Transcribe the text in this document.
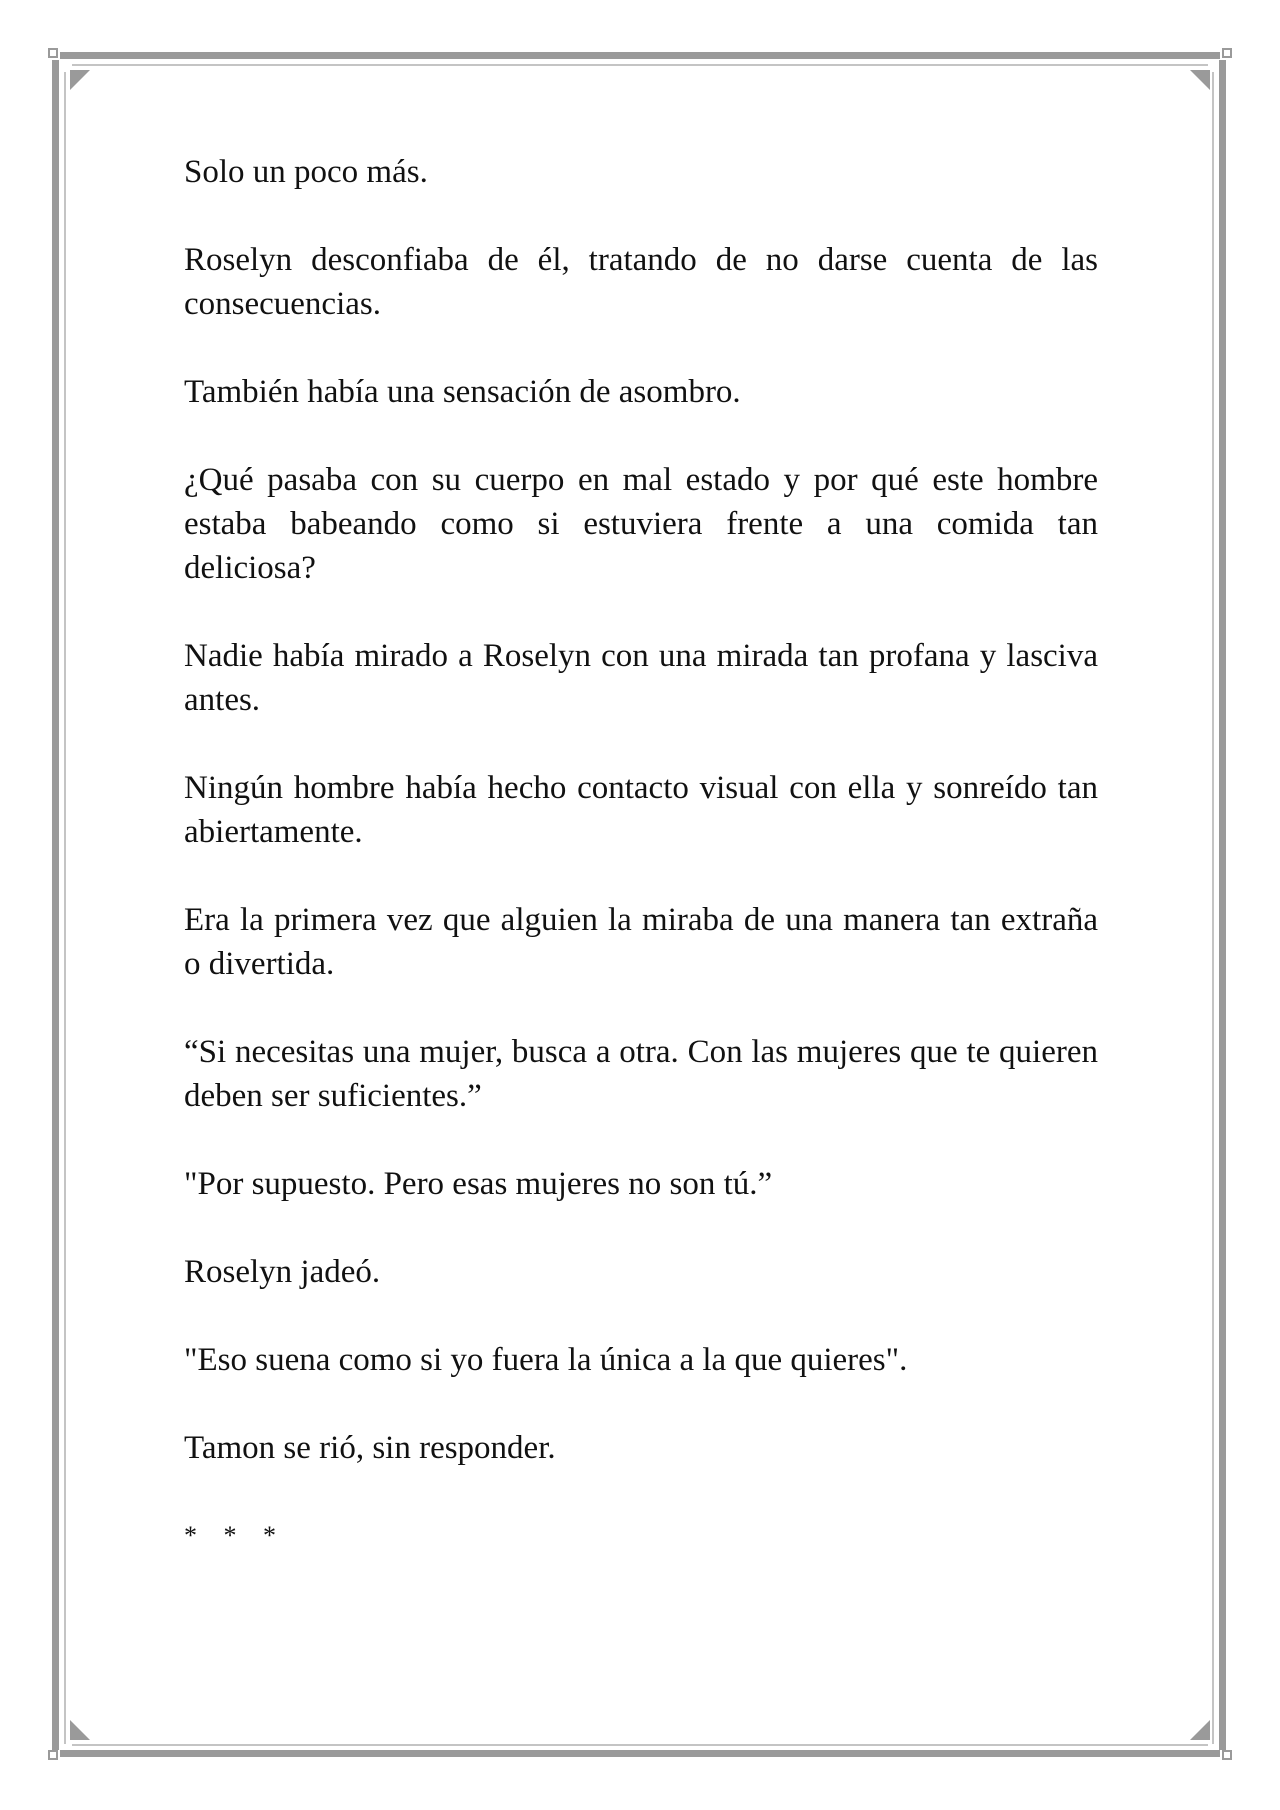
Solo un poco más.

Roselyn desconfiaba de él, tratando de no darse cuenta de las consecuencias.

También había una sensación de asombro.

¿Qué pasaba con su cuerpo en mal estado y por qué este hombre estaba babeando como si estuviera frente a una comida tan deliciosa?

Nadie había mirado a Roselyn con una mirada tan profana y lasciva antes.

Ningún hombre había hecho contacto visual con ella y sonreído tan abiertamente.

Era la primera vez que alguien la miraba de una manera tan extraña o divertida.

“Si necesitas una mujer, busca a otra. Con las mujeres que te quieren deben ser suficientes.”

"Por supuesto. Pero esas mujeres no son tú.”

Roselyn jadeó.

"Eso suena como si yo fuera la única a la que quieres".

Tamon se rió, sin responder.

* * *
